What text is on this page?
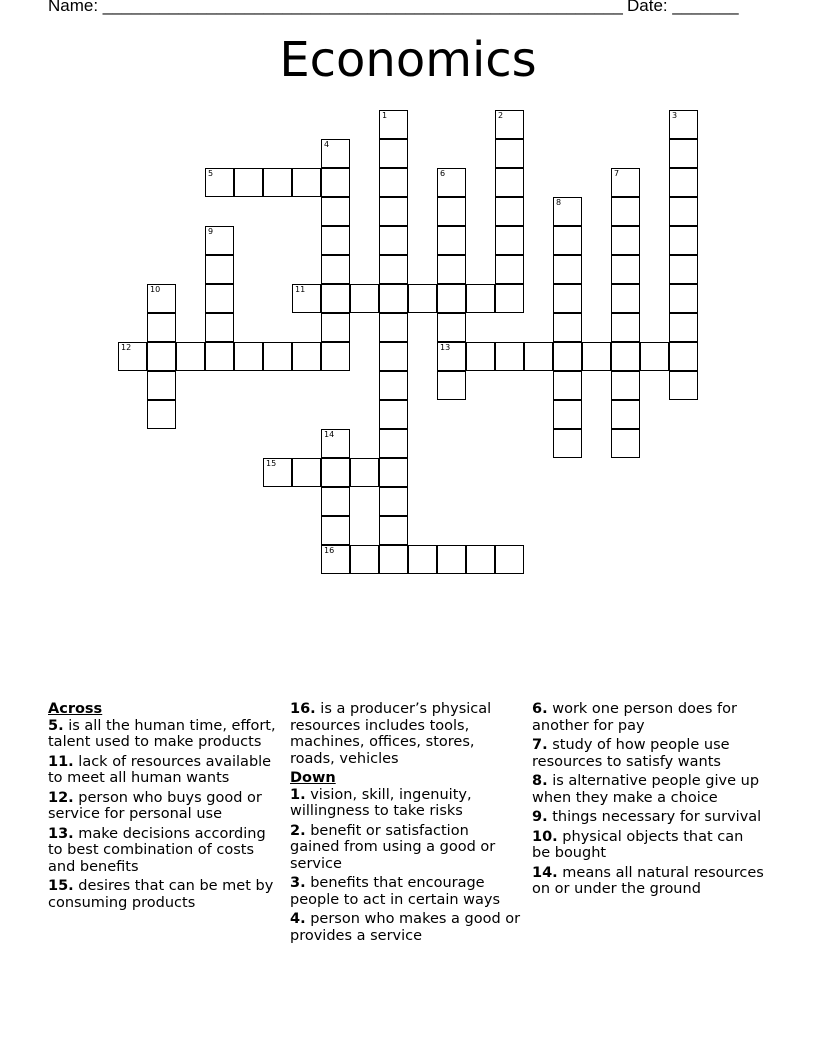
Name: _______________________________________________________ Date: _______
Economics
5
11
12	13
15
16
1	2	3
4
6	7
8
9
10
14

Across

5. is all the human time, effort, talent used to make products

11. lack of resources available to meet all human wants

12. person who buys good or service for personal use

13. make decisions according to best combination of costs and benefits

15. desires that can be met by consuming products

16. is a producer’s physical resources includes tools, machines, offices, stores, roads, vehicles

Down

1. vision, skill, ingenuity, willingness to take risks

2. benefit or satisfaction gained from using a good or service

3. benefits that encourage people to act in certain ways

4. person who makes a good or provides a service

6. work one person does for another for pay

7. study of how people use resources to satisfy wants

8. is alternative people give up when they make a choice

9. things necessary for survival

10. physical objects that can be bought

14. means all natural resources on or under the ground
